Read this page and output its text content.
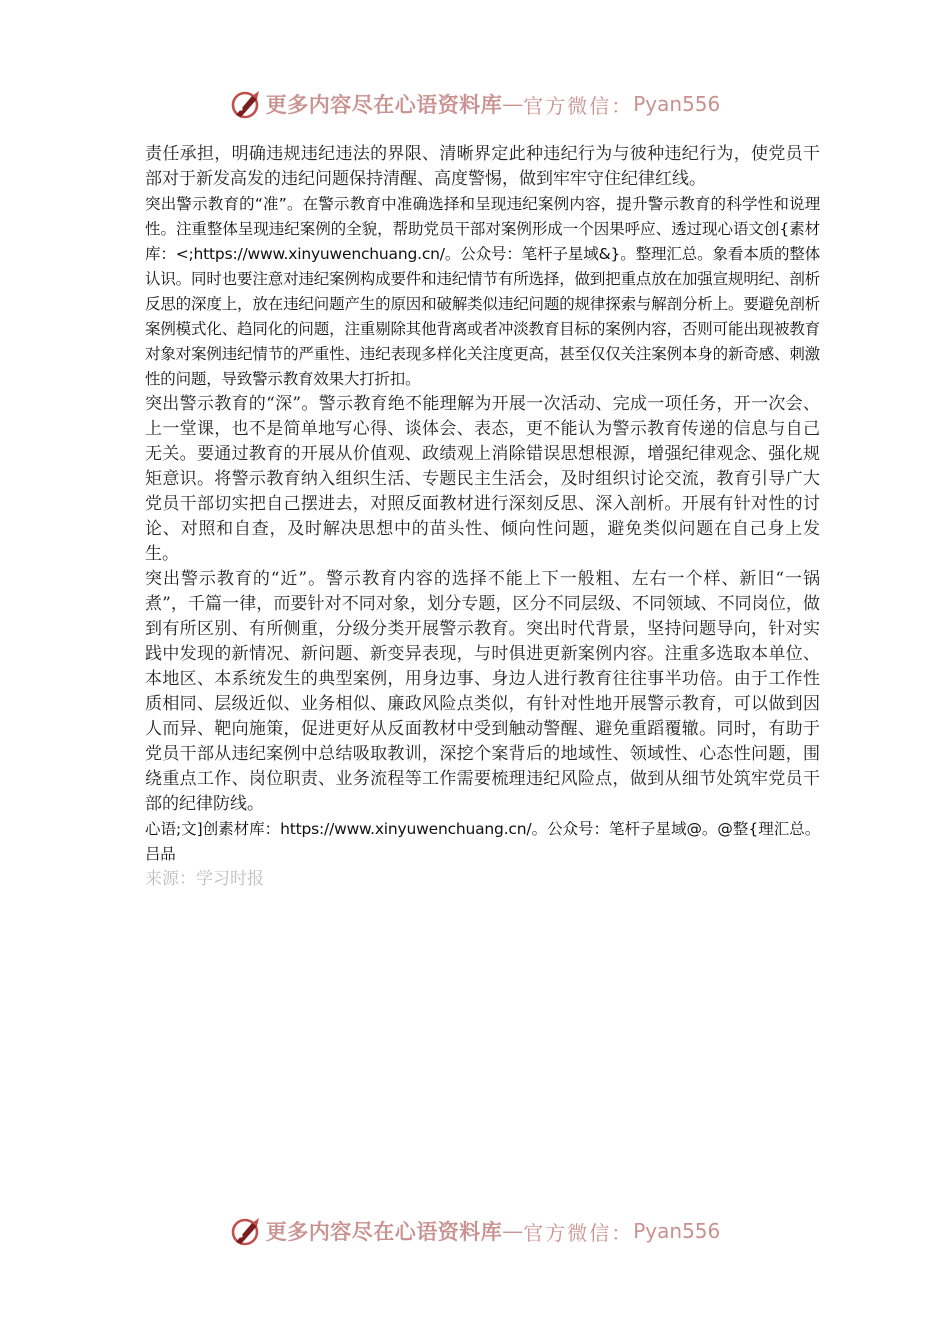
更多内容尽在心语资料库 — 官方微信： Pyan556

责任承担，明确违规违纪违法的界限、清晰界定此种违纪行为与彼种违纪行为，使党员干部对于新发高发的违纪问题保持清醒、高度警惕，做到牢牢守住纪律红线。

突出警示教育的“准”。在警示教育中准确选择和呈现违纪案例内容，提升警示教育的科学性和说理性。注重整体呈现违纪案例的全貌，帮助党员干部对案例形成一个因果呼应、透过现心语文创{素材库：<;https://www.xinyuwenchuang.cn/。公众号：笔杆子星域&}。整理汇总。象看本质的整体认识。同时也要注意对违纪案例构成要件和违纪情节有所选择，做到把重点放在加强宣规明纪、剖析反思的深度上，放在违纪问题产生的原因和破解类似违纪问题的规律探索与解剖分析上。要避免剖析案例模式化、趋同化的问题，注重剔除其他背离或者冲淡教育目标的案例内容，否则可能出现被教育对象对案例违纪情节的严重性、违纪表现多样化关注度更高，甚至仅仅关注案例本身的新奇感、刺激性的问题，导致警示教育效果大打折扣。

突出警示教育的“深”。警示教育绝不能理解为开展一次活动、完成一项任务，开一次会、上一堂课，也不是简单地写心得、谈体会、表态，更不能认为警示教育传递的信息与自己无关。要通过教育的开展从价值观、政绩观上消除错误思想根源，增强纪律观念、强化规矩意识。将警示教育纳入组织生活、专题民主生活会，及时组织讨论交流，教育引导广大党员干部切实把自己摆进去，对照反面教材进行深刻反思、深入剖析。开展有针对性的讨论、对照和自查，及时解决思想中的苗头性、倾向性问题，避免类似问题在自己身上发生。

突出警示教育的“近”。警示教育内容的选择不能上下一般粗、左右一个样、新旧“一锅煮”，千篇一律，而要针对不同对象，划分专题，区分不同层级、不同领域、不同岗位，做到有所区别、有所侧重，分级分类开展警示教育。突出时代背景，坚持问题导向，针对实践中发现的新情况、新问题、新变异表现，与时俱进更新案例内容。注重多选取本单位、本地区、本系统发生的典型案例，用身边事、身边人进行教育往往事半功倍。由于工作性质相同、层级近似、业务相似、廉政风险点类似，有针对性地开展警示教育，可以做到因人而异、靶向施策，促进更好从反面教材中受到触动警醒、避免重蹈覆辙。同时，有助于党员干部从违纪案例中总结吸取教训，深挖个案背后的地域性、领域性、心态性问题，围绕重点工作、岗位职责、业务流程等工作需要梳理违纪风险点，做到从细节处筑牢党员干部的纪律防线。

心语;文]创素材库：https://www.xinyuwenchuang.cn/。公众号：笔杆子星域@。@整{理汇总。吕品

来源：学习时报

更多内容尽在心语资料库 — 官方微信： Pyan556
